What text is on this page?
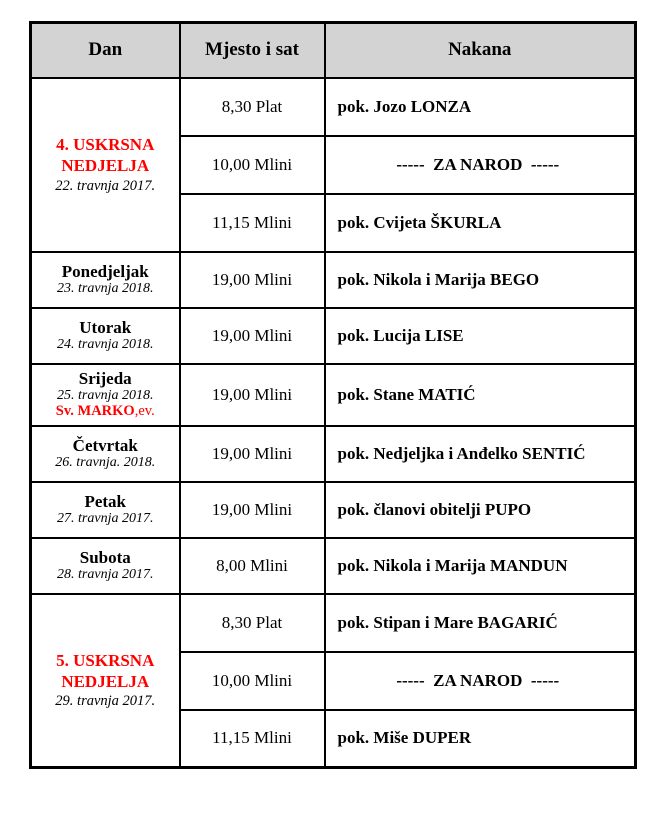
Dan	Mjesto i sat	Nakana

4. USKRSNA NEDJELJA
22. travnja 2017.	8,30 Plat	pok. Jozo LONZA
	10,00 Mlini	-----  ZA NAROD  -----
	11,15 Mlini	pok. Cvijeta ŠKURLA

Ponedjeljak
23. travnja 2018.	19,00 Mlini	pok. Nikola i Marija BEGO

Utorak
24. travnja 2018.	19,00 Mlini	pok. Lucija LISE

Srijeda
25. travnja 2018.
Sv. MARKO,ev.	19,00 Mlini	pok. Stane MATIĆ

Četvrtak
26. travnja. 2018.	19,00 Mlini	pok. Nedjeljka i Anđelko SENTIĆ

Petak
27. travnja 2017.	19,00 Mlini	pok. članovi obitelji PUPO

Subota
28. travnja 2017.	8,00 Mlini	pok. Nikola i Marija MANDUN

5. USKRSNA NEDJELJA
29. travnja 2017.	8,30 Plat	pok. Stipan i Mare BAGARIĆ
	10,00 Mlini	-----  ZA NAROD  -----
	11,15 Mlini	pok. Miše DUPER
